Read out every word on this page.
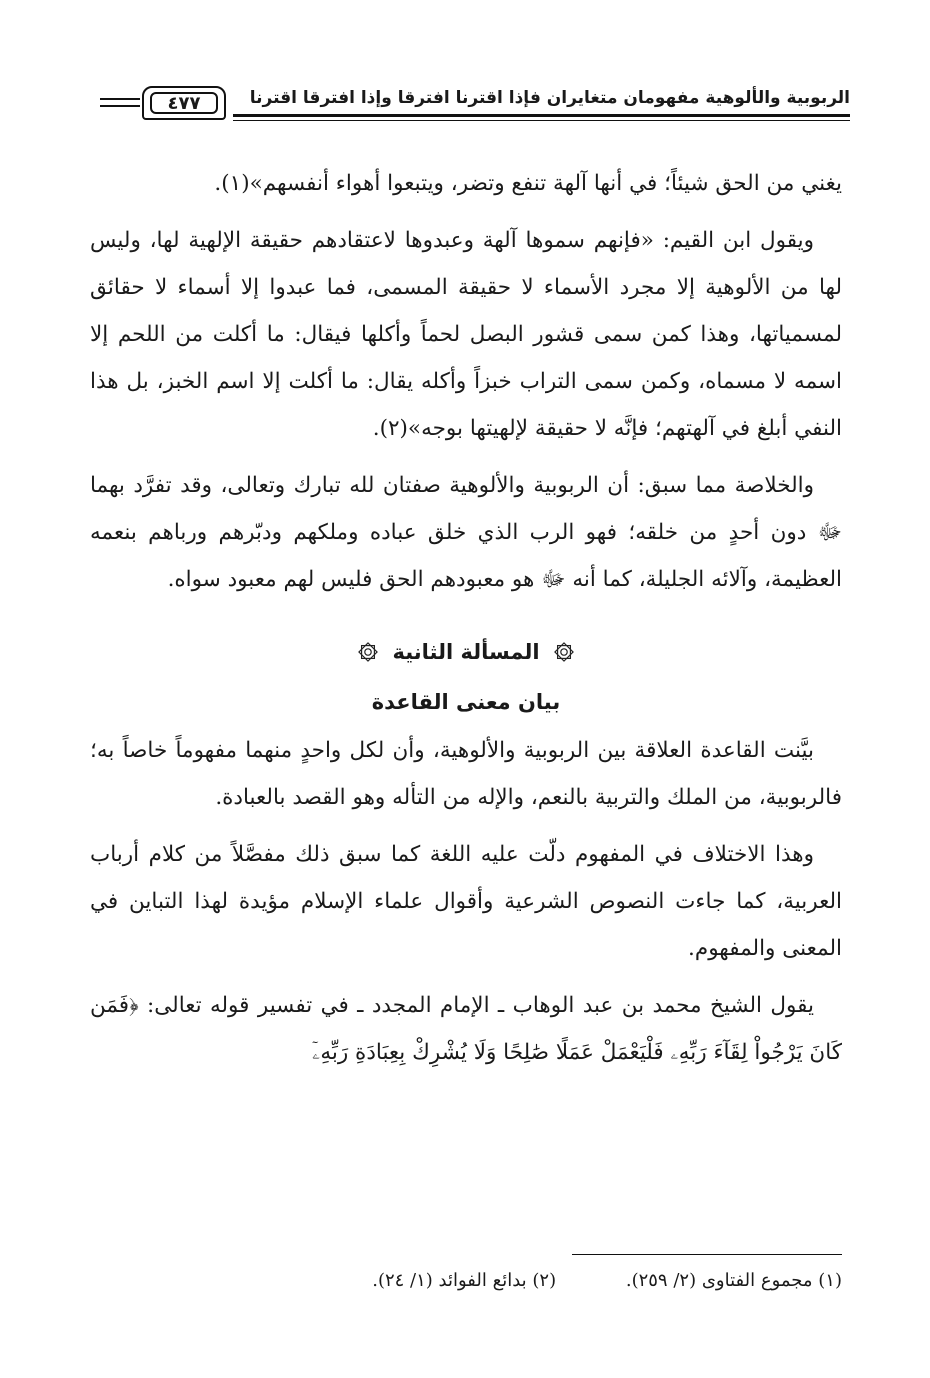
الربوبية والألوهية مفهومان متغايران فإذا اقترنا افترقا وإذا افترقا اقترنا
٤٧٧

يغني من الحق شيئاً؛ في أنها آلهة تنفع وتضر، ويتبعوا أهواء أنفسهم»(١).

ويقول ابن القيم: «فإنهم سموها آلهة وعبدوها لاعتقادهم حقيقة الإلهية لها، وليس لها من الألوهية إلا مجرد الأسماء لا حقيقة المسمى، فما عبدوا إلا أسماء لا حقائق لمسمياتها، وهذا كمن سمى قشور البصل لحماً وأكلها فيقال: ما أكلت من اللحم إلا اسمه لا مسماه، وكمن سمى التراب خبزاً وأكله يقال: ما أكلت إلا اسم الخبز، بل هذا النفي أبلغ في آلهتهم؛ فإنَّه لا حقيقة لإلهيتها بوجه»(٢).

والخلاصة مما سبق: أن الربوبية والألوهية صفتان لله تبارك وتعالى، وقد تفرَّد بهما ﷻ دون أحدٍ من خلقه؛ فهو الرب الذي خلق عباده وملكهم ودبّرهم ورباهم بنعمه العظيمة، وآلائه الجليلة، كما أنه ﷻ هو معبودهم الحق فليس لهم معبود سواه.

المسألة الثانية
بيان معنى القاعدة

بيَّنت القاعدة العلاقة بين الربوبية والألوهية، وأن لكل واحدٍ منهما مفهوماً خاصاً به؛ فالربوبية، من الملك والتربية بالنعم، والإله من التأله وهو القصد بالعبادة.

وهذا الاختلاف في المفهوم دلّت عليه اللغة كما سبق ذلك مفصَّلاً من كلام أرباب العربية، كما جاءت النصوص الشرعية وأقوال علماء الإسلام مؤيدة لهذا التباين في المعنى والمفهوم.

يقول الشيخ محمد بن عبد الوهاب ـ الإمام المجدد ـ في تفسير قوله تعالى: ﴿فَمَن كَانَ يَرْجُواْ لِقَآءَ رَبِّهِۦ فَلْيَعْمَلْ عَمَلًا صَٰلِحًا وَلَا يُشْرِكْ بِعِبَادَةِ رَبِّهِۦٓ

(١) مجموع الفتاوى (٢/ ٢٥٩). (٢) بدائع الفوائد (١/ ٢٤).
